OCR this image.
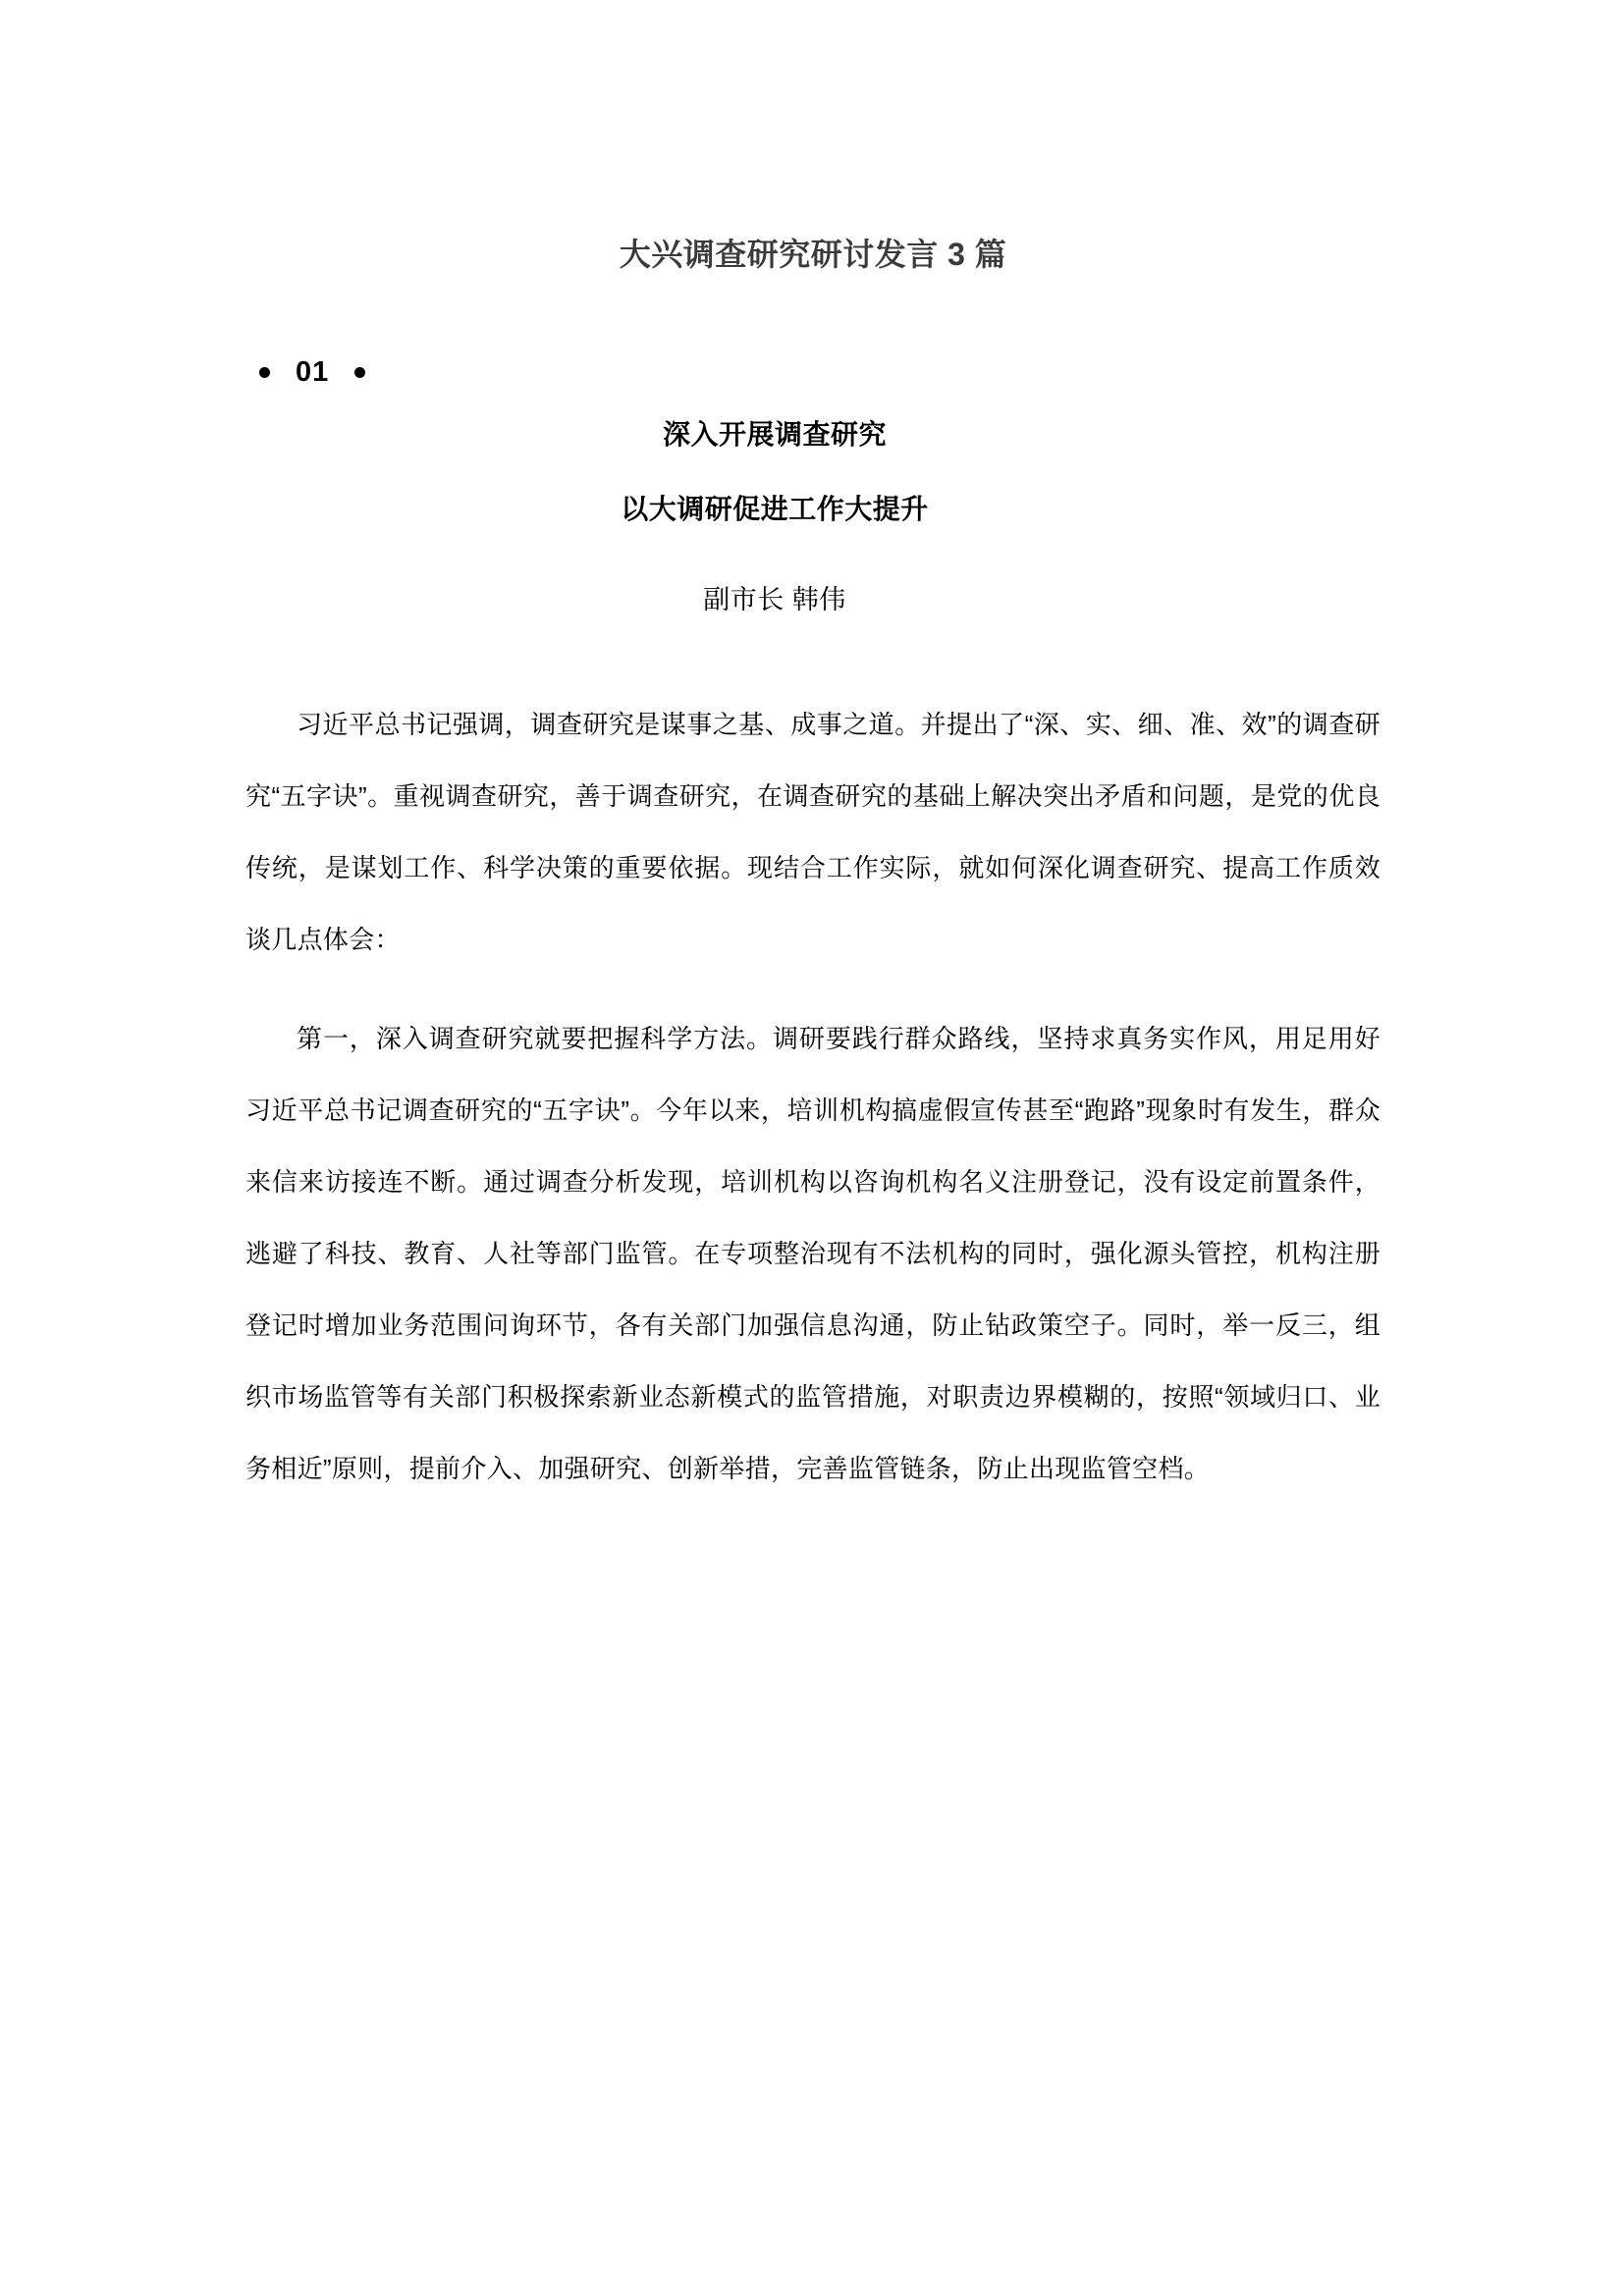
大兴调查研究研讨发言 3 篇
01
深入开展调查研究
以大调研促进工作大提升

副市长 韩伟

习近平总书记强调，调查研究是谋事之基、成事之道。并提出了“深、实、细、准、效”的调查研究“五字诀”。重视调查研究，善于调查研究，在调查研究的基础上解决突出矛盾和问题，是党的优良传统，是谋划工作、科学决策的重要依据。现结合工作实际，就如何深化调查研究、提高工作质效谈几点体会：

第一，深入调查研究就要把握科学方法。调研要践行群众路线，坚持求真务实作风，用足用好习近平总书记调查研究的“五字诀”。今年以来，培训机构搞虚假宣传甚至“跑路”现象时有发生，群众来信来访接连不断。通过调查分析发现，培训机构以咨询机构名义注册登记，没有设定前置条件，逃避了科技、教育、人社等部门监管。在专项整治现有不法机构的同时，强化源头管控，机构注册登记时增加业务范围问询环节，各有关部门加强信息沟通，防止钻政策空子。同时，举一反三，组织市场监管等有关部门积极探索新业态新模式的监管措施，对职责边界模糊的，按照“领域归口、业务相近”原则，提前介入、加强研究、创新举措，完善监管链条，防止出现监管空档。
